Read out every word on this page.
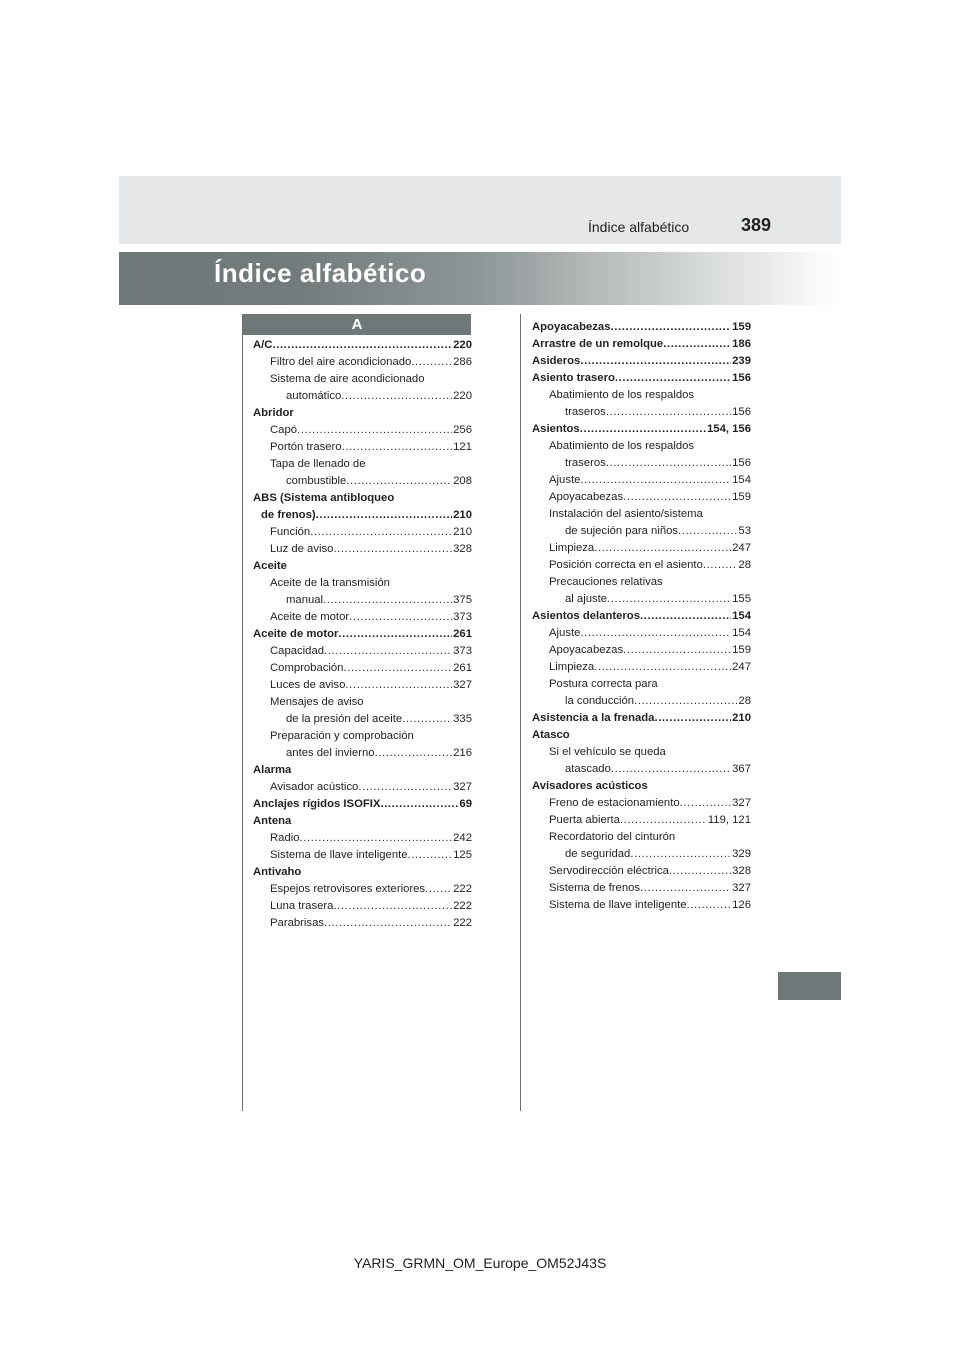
Índice alfabético	389
Índice alfabético
A
A/C .....	220
Filtro del aire acondicionado .....	286
Sistema de aire acondicionado
automático .....	220
Abridor
Capó .....	256
Portón trasero .....	121
Tapa de llenado de
combustible .....	208
ABS (Sistema antibloqueo
de frenos) .....	210
Función .....	210
Luz de aviso .....	328
Aceite
Aceite de la transmisión
manual .....	375
Aceite de motor .....	373
Aceite de motor .....	261
Capacidad .....	373
Comprobación .....	261
Luces de aviso .....	327
Mensajes de aviso
de la presión del aceite .....	335
Preparación y comprobación
antes del invierno .....	216
Alarma
Avisador acústico .....	327
Anclajes rígidos ISOFIX .....	69
Antena
Radio .....	242
Sistema de llave inteligente .....	125
Antivaho
Espejos retrovisores exteriores ..... 222
Luna trasera .....	222
Parabrisas .....	222
Apoyacabezas .....	159
Arrastre de un remolque .....	186
Asideros .....	239
Asiento trasero .....	156
Abatimiento de los respaldos
traseros .....	156
Asientos .....	154, 156
Abatimiento de los respaldos
traseros .....	156
Ajuste .....	154
Apoyacabezas .....	159
Instalación del asiento/sistema
de sujeción para niños .....	53
Limpieza .....	247
Posición correcta en el asiento .....	28
Precauciones relativas
al ajuste .....	155
Asientos delanteros .....	154
Ajuste .....	154
Apoyacabezas .....	159
Limpieza .....	247
Postura correcta para
la conducción .....	28
Asistencia a la frenada .....	210
Atasco
Si el vehículo se queda
atascado .....	367
Avisadores acústicos
Freno de estacionamiento .....	327
Puerta abierta .....	119, 121
Recordatorio del cinturón
de seguridad .....	329
Servodirección eléctrica .....	328
Sistema de frenos .....	327
Sistema de llave inteligente .....	126
YARIS_GRMN_OM_Europe_OM52J43S
